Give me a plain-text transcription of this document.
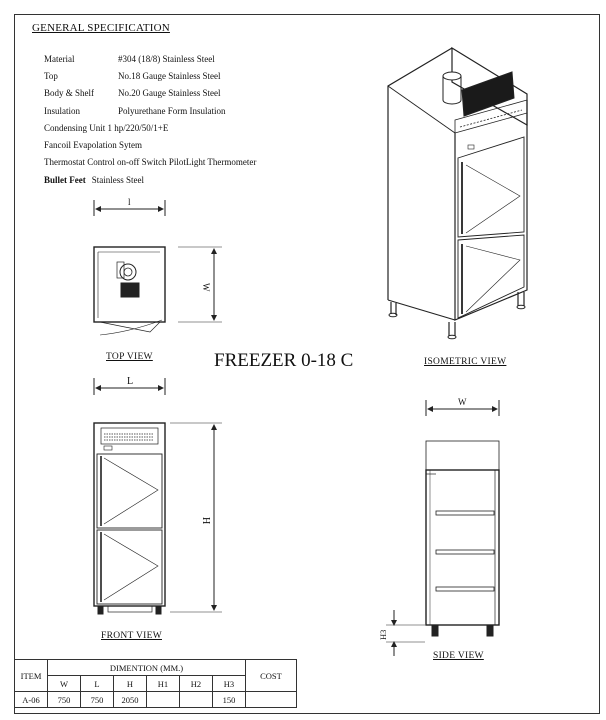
GENERAL SPECIFICATION
Material	#304 (18/8) Stainless Steel
Top	No.18 Gauge Stainless Steel
Body & Shelf	No.20 Gauge Stainless Steel
Insulation	Polyurethane Form Insulation
Condensing Unit 1 hp/220/50/1+E
Fancoil Evapolation Sytem
Thermostat Control on-off Switch PilotLight Thermometer
Bullet Feet Stainless Steel
l
W
L
H
W
H3
TOP VIEW
FRONT VIEW
SIDE VIEW
ISOMETRIC VIEW
FREEZER 0-18 C
ITEM	DIMENTION (MM.)						COST
	W	L	H	H1	H2	H3	
A-06	750	750	2050			150	
